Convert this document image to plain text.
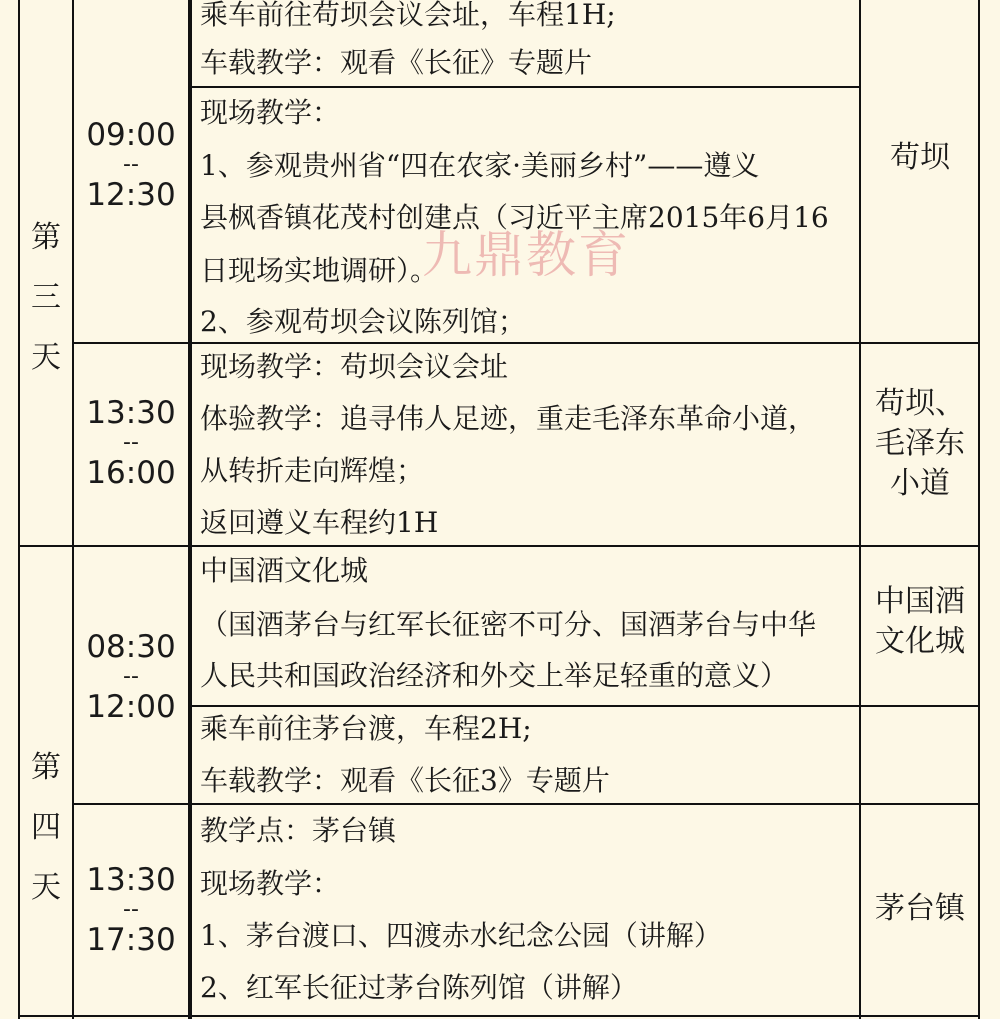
第
三
天
乘车前往苟坝会议会址，车程1H;
车载教学：观看《长征》专题片
09:00
--
12:30
现场教学：
1、参观贵州省“四在农家·美丽乡村”——遵义
县枫香镇花茂村创建点（习近平主席2015年6月16
日现场实地调研）。
2、参观苟坝会议陈列馆；
苟坝
13:30
--
16:00
现场教学：苟坝会议会址
体验教学：追寻伟人足迹，重走毛泽东革命小道，
从转折走向辉煌；
返回遵义车程约1H
苟坝、
毛泽东
小道
第
四
天
08:30
--
12:00
中国酒文化城
（国酒茅台与红军长征密不可分、国酒茅台与中华
人民共和国政治经济和外交上举足轻重的意义）
中国酒
文化城
乘车前往茅台渡，车程2H;
车载教学：观看《长征3》专题片
13:30
--
17:30
教学点：茅台镇
现场教学：
1、茅台渡口、四渡赤水纪念公园（讲解）
2、红军长征过茅台陈列馆（讲解）
茅台镇
九鼎教育
